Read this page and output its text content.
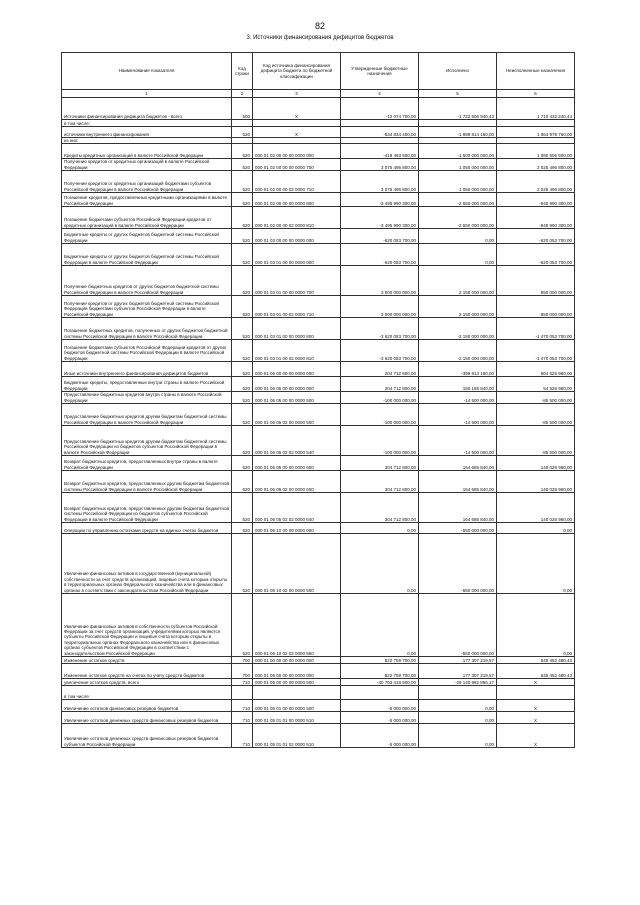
82
3. Источники финансирования дефицитов бюджетов
Наименование показателя	Код строки	Код источника финансирования дефицита бюджета по бюджетной классификации	Утвержденные бюджетные назначения	Исполнено	Неисполненные назначения
1	2	3	4	5	6
Источники финансирования дефицита бюджетов - всего	500	X	-12 074 700,00	-1 722 506 940,43	1 710 432 240,43
в том числе:					
источники внутреннего финансирования	520	X	-834 834 400,00	-1 899 814 160,00	1 064 979 760,00
из них:					
Кредиты кредитных организаций в валюте Российской Федерации	520	000 01 02 00 00 00 0000 000	-419 493 500,00	-1 500 000 000,00	1 080 506 500,00
Получение кредитов от кредитных организаций в валюте Российской Федерации	520	000 01 02 00 00 00 0000 700	3 075 496 800,00	1 050 000 000,00	2 025 496 800,00
Получение кредитов от кредитных организаций бюджетами субъектов Российской Федерации в валюте Российской Федерации	520	000 01 02 00 00 02 0000 710	3 075 496 800,00	1 050 000 000,00	2 025 496 800,00
Погашение кредитов, предоставленных кредитными организациями в валюте Российской Федерации	520	000 01 02 00 00 00 0000 800	-3 495 990 300,00	-2 550 000 000,00	-945 990 300,00
Погашение бюджетами субъектов Российской Федерации кредитов от кредитных организаций в валюте Российской Федерации	520	000 01 02 00 00 02 0000 810	-3 495 990 300,00	-2 550 000 000,00	-945 990 300,00
Бюджетные кредиты от других бюджетов бюджетной системы Российской Федерации	520	000 01 03 00 00 00 0000 000	-620 053 700,00	0,00	-620 053 700,00
Бюджетные кредиты от других бюджетов бюджетной системы Российской Федерации в валюте Российской Федерации	520	000 01 03 01 00 00 0000 000	-620 053 700,00	0,00	-620 053 700,00
Получение бюджетных кредитов от других бюджетов бюджетной системы Российской Федерации в валюте Российской Федерации	520	000 01 03 01 00 00 0000 700	3 000 000 000,00	2 150 000 000,00	850 000 000,00
Получение кредитов от других бюджетов бюджетной системы Российской Федерации бюджетами субъектов Российской Федерации в валюте Российской Федерации	520	000 01 03 01 00 02 0000 710	3 000 000 000,00	2 150 000 000,00	850 000 000,00
Погашение бюджетных кредитов, полученных от других бюджетов бюджетной системы Российской Федерации в валюте Российской Федерации	520	000 01 03 01 00 00 0000 800	-3 620 053 700,00	-2 150 000 000,00	-1 470 053 700,00
Погашение бюджетами субъектов Российской Федерации кредитов от других бюджетов бюджетной системы Российской Федерации в валюте Российской Федерации	520	000 01 03 01 00 02 0000 810	-3 620 053 700,00	-2 150 000 000,00	-1 470 053 700,00
Иные источники внутреннего финансирования дефицитов бюджетов	520	000 01 06 00 00 00 0000 000	204 712 800,00	-399 814 160,00	604 526 960,00
Бюджетные кредиты, предоставленные внутри страны в валюте Российской Федерации	520	000 01 06 05 00 00 0000 000	204 712 800,00	150 185 840,00	54 526 960,00
Предоставление бюджетных кредитов внутри страны в валюте Российской Федерации	520	000 01 06 05 00 00 0000 500	-100 000 000,00	-14 500 000,00	-85 500 000,00
Предоставление бюджетных кредитов другим бюджетам бюджетной системы Российской Федерации в валюте Российской Федерации	520	000 01 06 05 02 00 0000 500	-100 000 000,00	-14 500 000,00	-85 500 000,00
Предоставление бюджетных кредитов другим бюджетам бюджетной системы Российской Федерации из бюджетов субъектов Российской Федерации в валюте Российской Федерации	520	000 01 06 05 02 02 0000 540	-100 000 000,00	-14 500 000,00	-85 500 000,00
Возврат бюджетных кредитов, предоставленных внутри страны в валюте Российской Федерации	520	000 01 06 05 00 00 0000 600	304 712 800,00	164 685 840,00	140 026 960,00
Возврат бюджетных кредитов, предоставленных другим бюджетам бюджетной системы Российской Федерации в валюте Российской Федерации	520	000 01 06 05 02 00 0000 600	304 712 800,00	164 685 840,00	140 026 960,00
Возврат бюджетных кредитов, предоставленных другим бюджетам бюджетной системы Российской Федерации из бюджетов субъектов Российской Федерации в валюте Российской Федерации	520	000 01 06 05 02 02 0000 640	304 712 800,00	164 685 840,00	140 026 960,00
Операции по управлению остатками средств на единых счетах бюджетов	520	000 01 06 10 00 00 0000 000	0,00	-550 000 000,00	0,00
Увеличение финансовых активов в государственной (муниципальной) собственности за счет средств организаций, лицевые счета которым открыты в территориальных органах Федерального казначейства или в финансовых органах в соответствии с законодательством Российской Федерации	520	000 01 06 10 02 00 0000 500	0,00	-550 000 000,00	0,00
Увеличение финансовых активов в собственности субъектов Российской Федерации за счет средств организаций, учредителями которых являются субъекты Российской Федерации и лицевые счета которым открыты в территориальных органах Федерального казначейства или в финансовых органах субъектов Российской Федерации в соответствии с законодательством Российской Федерации	520	000 01 06 10 02 02 0000 550	0,00	-550 000 000,00	0,00
Изменение остатков средств	700	000 01 00 00 00 00 0000 000	822 759 700,00	177 307 219,57	645 452 480,43
Изменение остатков средств на счетах по учету средств бюджетов	700	000 01 05 00 00 00 0000 000	822 759 700,00	177 307 219,57	645 452 480,43
увеличение остатков средств, всего	710	000 01 05 00 00 00 0000 500	-40 703 418 500,00	-29 140 982 856,17	X
в том числе:					
Увеличение остатков финансовых резервов бюджетов	710	000 01 05 01 00 00 0000 500	-5 000 000,00	0,00	X
Увеличение остатков денежных средств финансовых резервов бюджетов	710	000 01 05 01 01 00 0000 510	-5 000 000,00	0,00	X
Увеличение остатков денежных средств финансовых резервов бюджетов субъектов Российской Федерации	710	000 01 05 01 01 02 0000 510	-5 000 000,00	0,00	X
